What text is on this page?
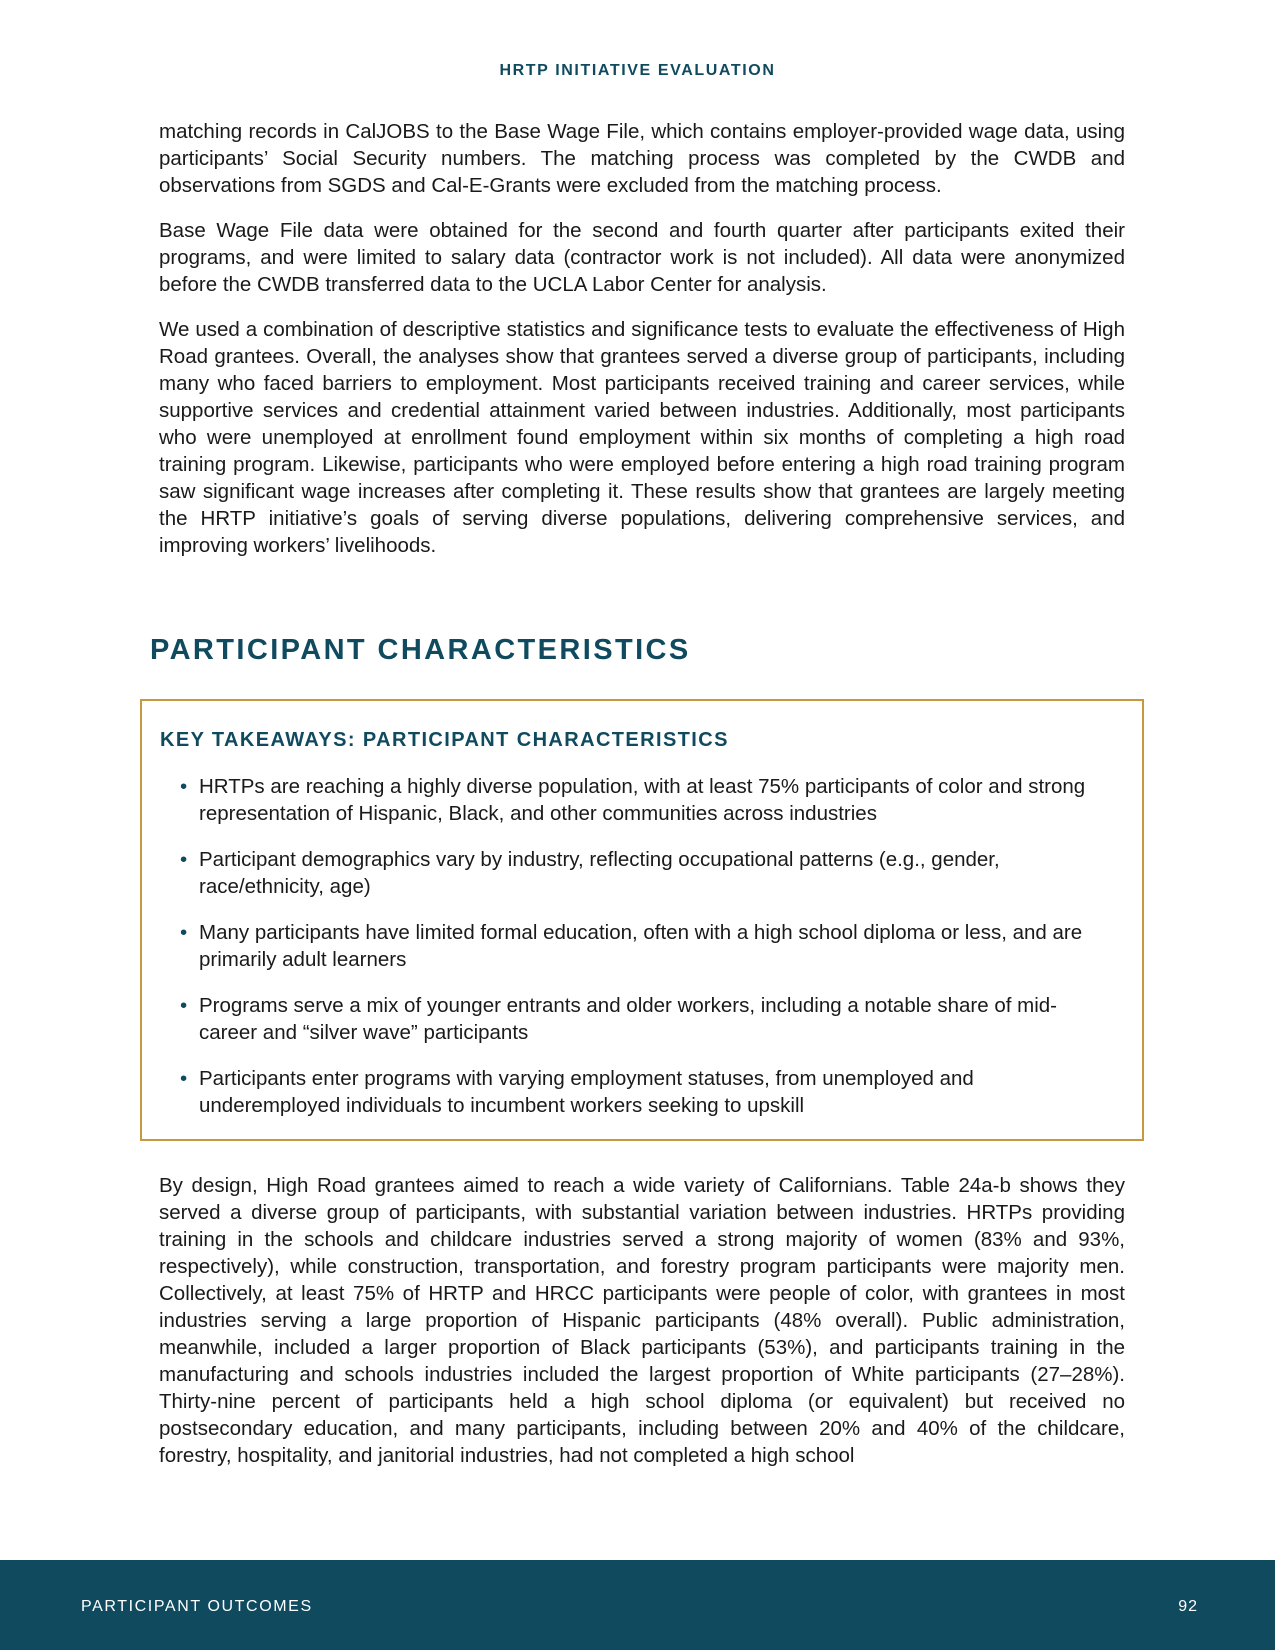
HRTP INITIATIVE EVALUATION

matching records in CalJOBS to the Base Wage File, which contains employer-provided wage data, using participants’ Social Security numbers. The matching process was completed by the CWDB and observations from SGDS and Cal-E-Grants were excluded from the matching process.

Base Wage File data were obtained for the second and fourth quarter after participants exited their programs, and were limited to salary data (contractor work is not included). All data were anonymized before the CWDB transferred data to the UCLA Labor Center for analysis.

We used a combination of descriptive statistics and significance tests to evaluate the effectiveness of High Road grantees. Overall, the analyses show that grantees served a diverse group of participants, including many who faced barriers to employment. Most participants received training and career services, while supportive services and credential attainment varied between industries. Additionally, most participants who were unemployed at enrollment found employment within six months of completing a high road training program. Likewise, participants who were employed before entering a high road training program saw significant wage increases after completing it. These results show that grantees are largely meeting the HRTP initiative’s goals of serving diverse populations, delivering comprehensive services, and improving workers’ livelihoods.

PARTICIPANT CHARACTERISTICS
KEY TAKEAWAYS: PARTICIPANT CHARACTERISTICS
• HRTPs are reaching a highly diverse population, with at least 75% participants of color and strong representation of Hispanic, Black, and other communities across industries
• Participant demographics vary by industry, reflecting occupational patterns (e.g., gender, race/ethnicity, age)
• Many participants have limited formal education, often with a high school diploma or less, and are primarily adult learners
• Programs serve a mix of younger entrants and older workers, including a notable share of mid-career and “silver wave” participants
• Participants enter programs with varying employment statuses, from unemployed and underemployed individuals to incumbent workers seeking to upskill

By design, High Road grantees aimed to reach a wide variety of Californians. Table 24a-b shows they served a diverse group of participants, with substantial variation between industries. HRTPs providing training in the schools and childcare industries served a strong majority of women (83% and 93%, respectively), while construction, transportation, and forestry program participants were majority men. Collectively, at least 75% of HRTP and HRCC participants were people of color, with grantees in most industries serving a large proportion of Hispanic participants (48% overall). Public administration, meanwhile, included a larger proportion of Black participants (53%), and participants training in the manufacturing and schools industries included the largest proportion of White participants (27–28%). Thirty-nine percent of participants held a high school diploma (or equivalent) but received no postsecondary education, and many participants, including between 20% and 40% of the childcare, forestry, hospitality, and janitorial industries, had not completed a high school

PARTICIPANT OUTCOMES	92
